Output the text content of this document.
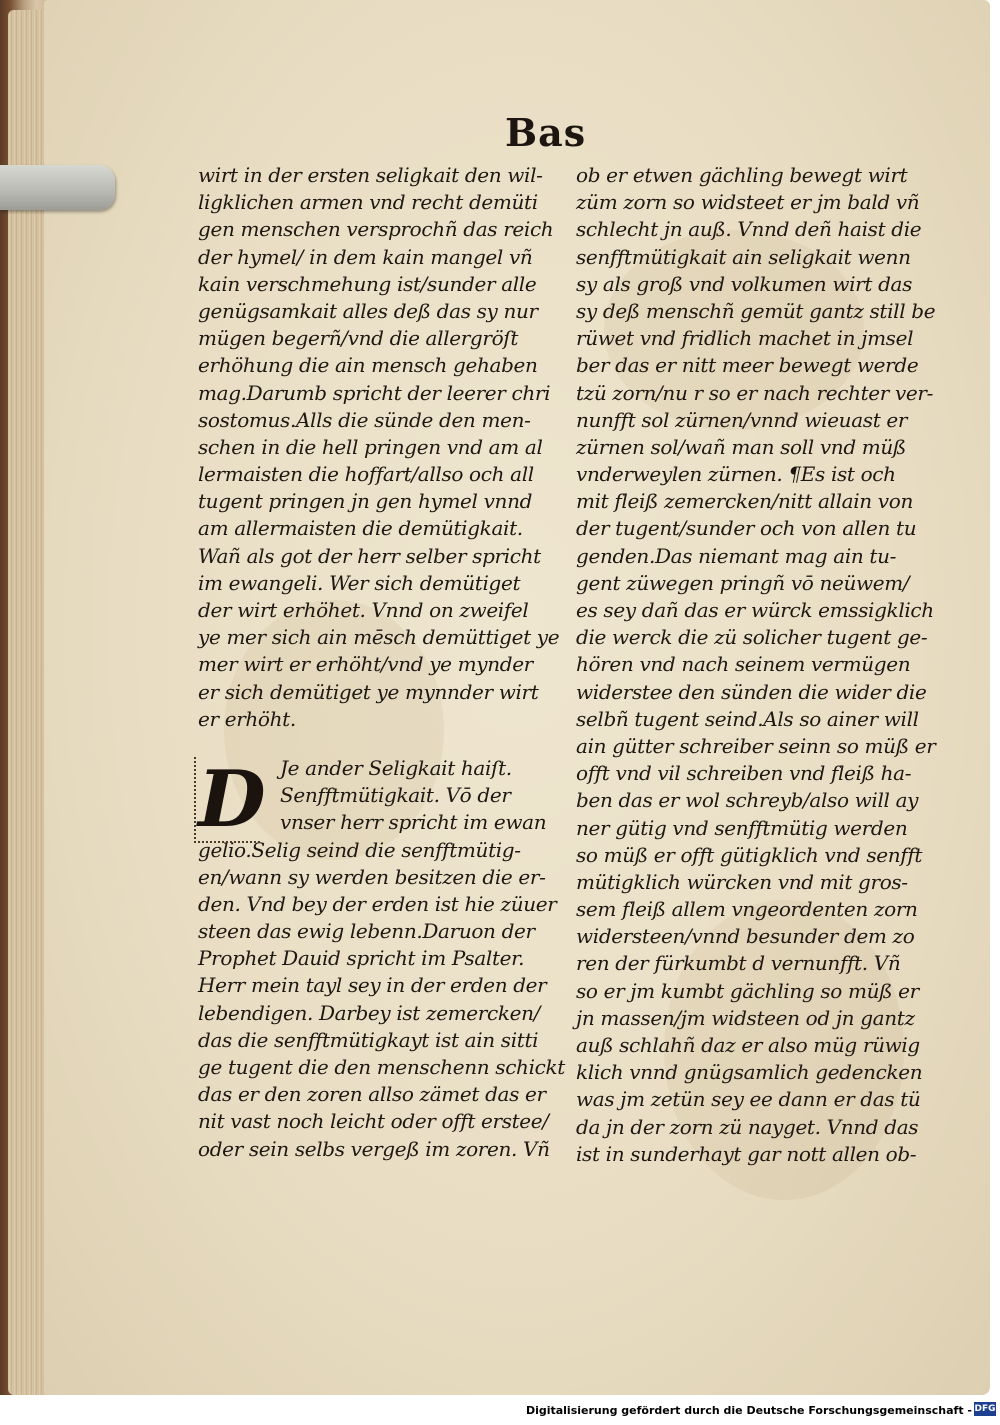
Bas
wirt in der ersten seligkait den wil-
ligklichen armen vnd recht demüti
gen menschen versprochñ das reich
der hymel/ in dem kain mangel vñ
kain verschmehung ist/sunder alle
genügsamkait alles deß das sy nur
mügen begerñ/vnd die allergröſt
erhöhung die ain mensch gehaben
mag.Darumb spricht der leerer chri
sostomus.Alls die sünde den men-
schen in die hell pringen vnd am al
lermaisten die hoffart/allso och all
tugent pringen jn gen hymel vnnd
am allermaisten die demütigkait.
Wañ als got der herr selber spricht
im ewangeli. Wer sich demütiget
der wirt erhöhet. Vnnd on zweifel
ye mer sich ain mēsch demüttiget ye
mer wirt er erhöht/vnd ye mynder
er sich demütiget ye mynnder wirt
er erhöht.
D Je ander Seligkait haiſt.
Senfftmütigkait. Vō der
vnser herr spricht im ewan
gelio.Selig seind die senfftmütig-
en/wann sy werden besitzen die er-
den. Vnd bey der erden ist hie züuer
steen das ewig lebenn.Daruon der
Prophet Dauid spricht im Psalter.
Herr mein tayl sey in der erden der
lebendigen. Darbey ist zemercken/
das die senfftmütigkayt ist ain sitti
ge tugent die den menschenn schickt
das er den zoren allso zämet das er
nit vast noch leicht oder offt erstee/
oder sein selbs vergeß im zoren. Vñ
ob er etwen gächling bewegt wirt
züm zorn so widsteet er jm bald vñ
schlecht jn auß. Vnnd deñ haist die
senfftmütigkait ain seligkait wenn
sy als groß vnd volkumen wirt das
sy deß menschñ gemüt gantz still be
rüwet vnd fridlich machet in jmsel
ber das er nitt meer bewegt werde
tzü zorn/nu r so er nach rechter ver-
nunfft sol zürnen/vnnd wieuast er
zürnen sol/wañ man soll vnd müß
vnderweylen zürnen. ¶Es ist och
mit fleiß zemercken/nitt allain von
der tugent/sunder och von allen tu
genden.Das niemant mag ain tu-
gent züwegen pringñ vō neüwem/
es sey dañ das er würck emssigklich
die werck die zü solicher tugent ge-
hören vnd nach seinem vermügen
widerstee den sünden die wider die
selbñ tugent seind.Als so ainer will
ain gütter schreiber seinn so müß er
offt vnd vil schreiben vnd fleiß ha-
ben das er wol schreyb/also will ay
ner gütig vnd senfftmütig werden
so müß er offt gütigklich vnd senfft
mütigklich würcken vnd mit gros-
sem fleiß allem vngeordenten zorn
widersteen/vnnd besunder dem zo
ren der fürkumbt d vernunfft. Vñ
so er jm kumbt gächling so müß er
jn massen/jm widsteen od jn gantz
auß schlahñ daz er also müg rüwig
klich vnnd gnügsamlich gedencken
was jm zetün sey ee dann er das tü
da jn der zorn zü nayget. Vnnd das
ist in sunderhayt gar nott allen ob-
Digitalisierung gefördert durch die Deutsche Forschungsgemeinschaft - DFG
